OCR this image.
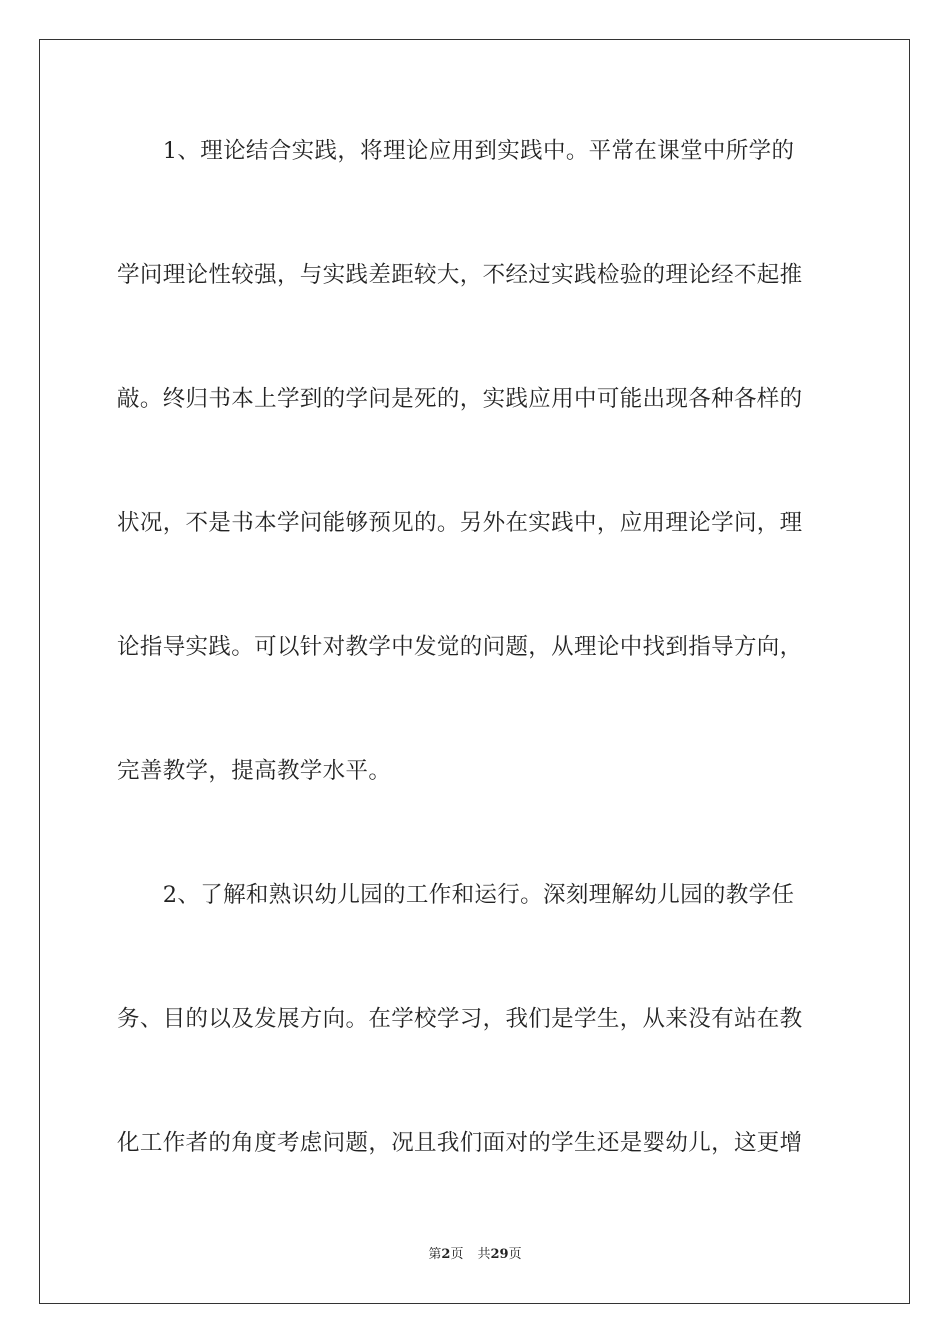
　　1、理论结合实践，将理论应用到实践中。平常在课堂中所学的
学问理论性较强，与实践差距较大，不经过实践检验的理论经不起推
敲。终归书本上学到的学问是死的，实践应用中可能出现各种各样的
状况，不是书本学问能够预见的。另外在实践中，应用理论学问，理
论指导实践。可以针对教学中发觉的问题，从理论中找到指导方向，
完善教学，提高教学水平。
　　2、了解和熟识幼儿园的工作和运行。深刻理解幼儿园的教学任
务、目的以及发展方向。在学校学习，我们是学生，从来没有站在教
化工作者的角度考虑问题，况且我们面对的学生还是婴幼儿，这更增
第2页 共29页
